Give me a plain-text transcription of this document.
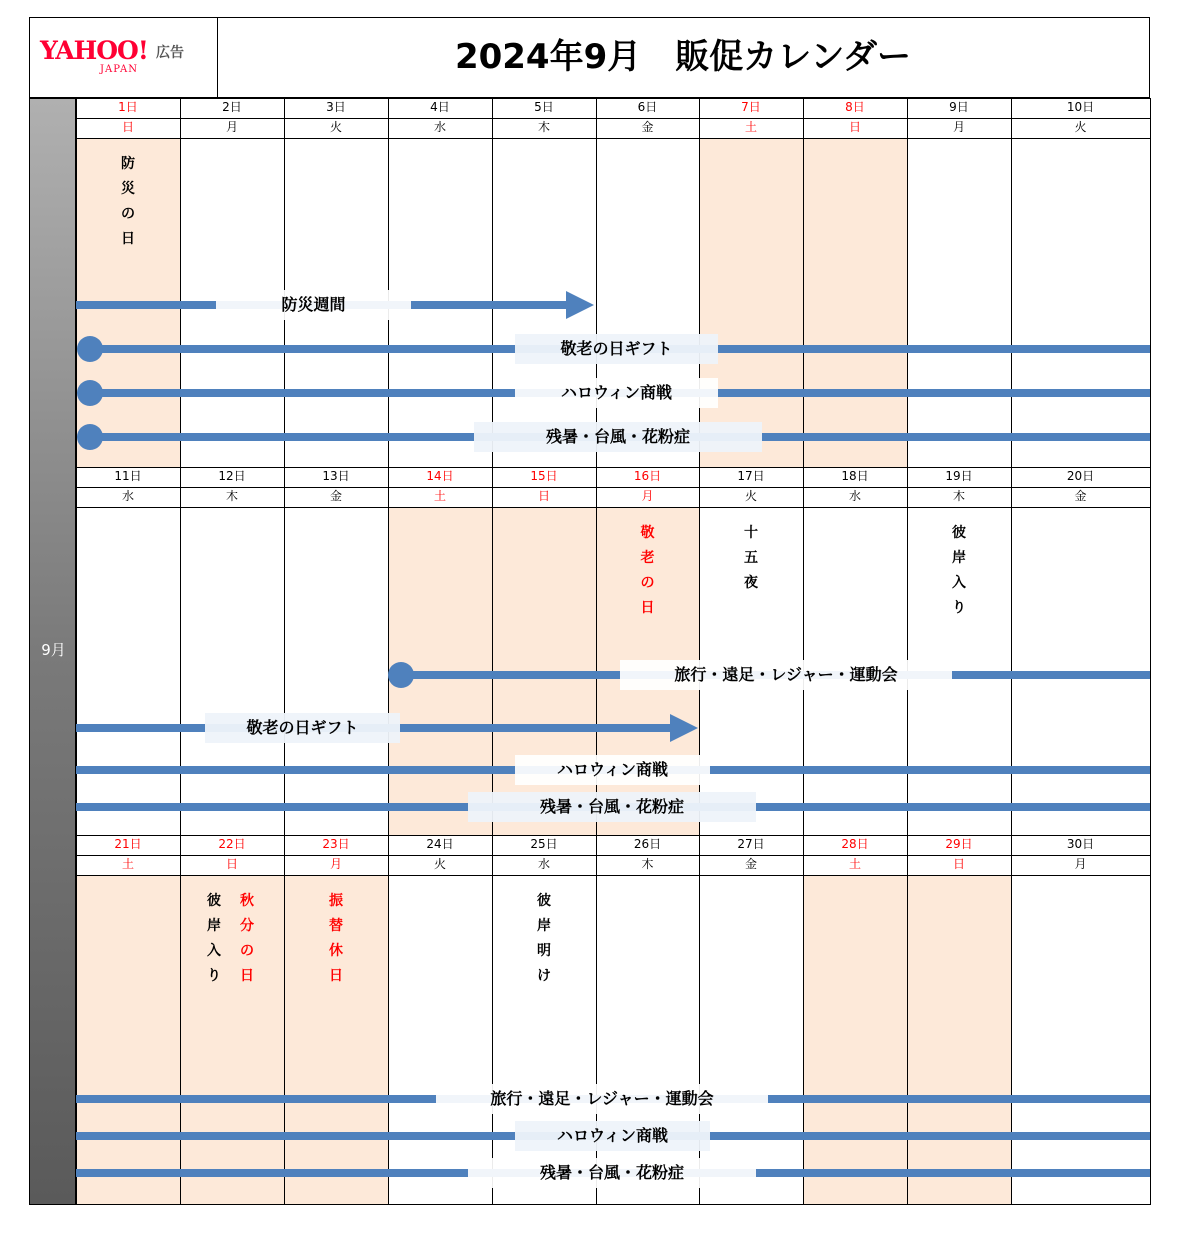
YAHOO! 広告
JAPAN	2024年9月　販促カレンダー
9月
1日
日
2日
月
3日
火
4日
水
5日
木
6日
金
7日
土
8日
日
9日
月
10日
火
防
災
の
日
防災週間
敬老の日ギフト
ハロウィン商戦
残暑・台風・花粉症
11日
水
12日
木
13日
金
14日
土
15日
日
16日
月
17日
火
18日
水
19日
木
20日
金
敬
老
の
日
十
五
夜
彼
岸
入
り
旅行・遠足・レジャー・運動会
敬老の日ギフト
ハロウィン商戦
残暑・台風・花粉症
21日
土
22日
日
23日
月
24日
火
25日
水
26日
木
27日
金
28日
土
29日
日
30日
月
彼
岸
入
り
秋
分
の
日
振
替
休
日
彼
岸
明
け
旅行・遠足・レジャー・運動会
ハロウィン商戦
残暑・台風・花粉症
